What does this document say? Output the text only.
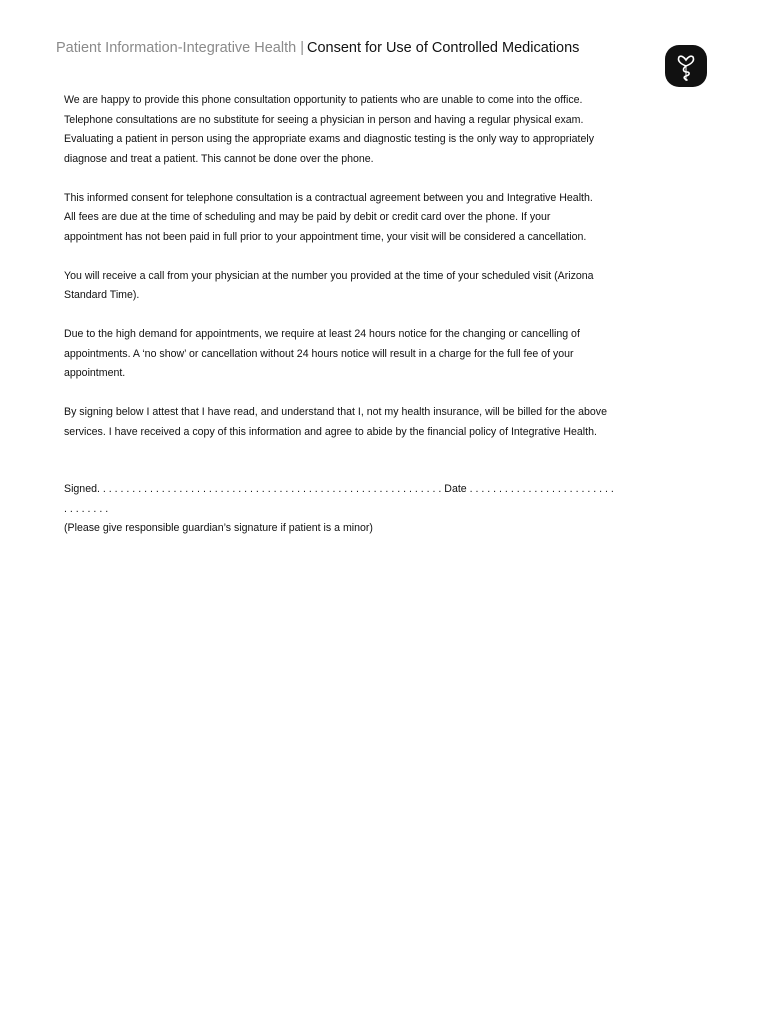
Patient Information-Integrative Health | Consent for Use of Controlled Medications

We are happy to provide this phone consultation opportunity to patients who are unable to come into the office.
Telephone consultations are no substitute for seeing a physician in person and having a regular physical exam.
Evaluating a patient in person using the appropriate exams and diagnostic testing is the only way to appropriately
diagnose and treat a patient. This cannot be done over the phone.

This informed consent for telephone consultation is a contractual agreement between you and Integrative Health.
All fees are due at the time of scheduling and may be paid by debit or credit card over the phone. If your
appointment has not been paid in full prior to your appointment time, your visit will be considered a cancellation.

You will receive a call from your physician at the number you provided at the time of your scheduled visit (Arizona
Standard Time).

Due to the high demand for appointments, we require at least 24 hours notice for the changing or cancelling of
appointments. A ‘no show’ or cancellation without 24 hours notice will result in a charge for the full fee of your
appointment.

By signing below I attest that I have read, and understand that I, not my health insurance, will be billed for the above
services. I have received a copy of this information and agree to abide by the financial policy of Integrative Health.

Signed. . . . . . . . . . . . . . . . . . . . . . . . . . . . . . . . . . . . . . . . . . . . . . . . . . . . . . . . . . . Date . . . . . . . . . . . . . . . . . . . . . . . . .
. . . . . . . .
(Please give responsible guardian’s signature if patient is a minor)
